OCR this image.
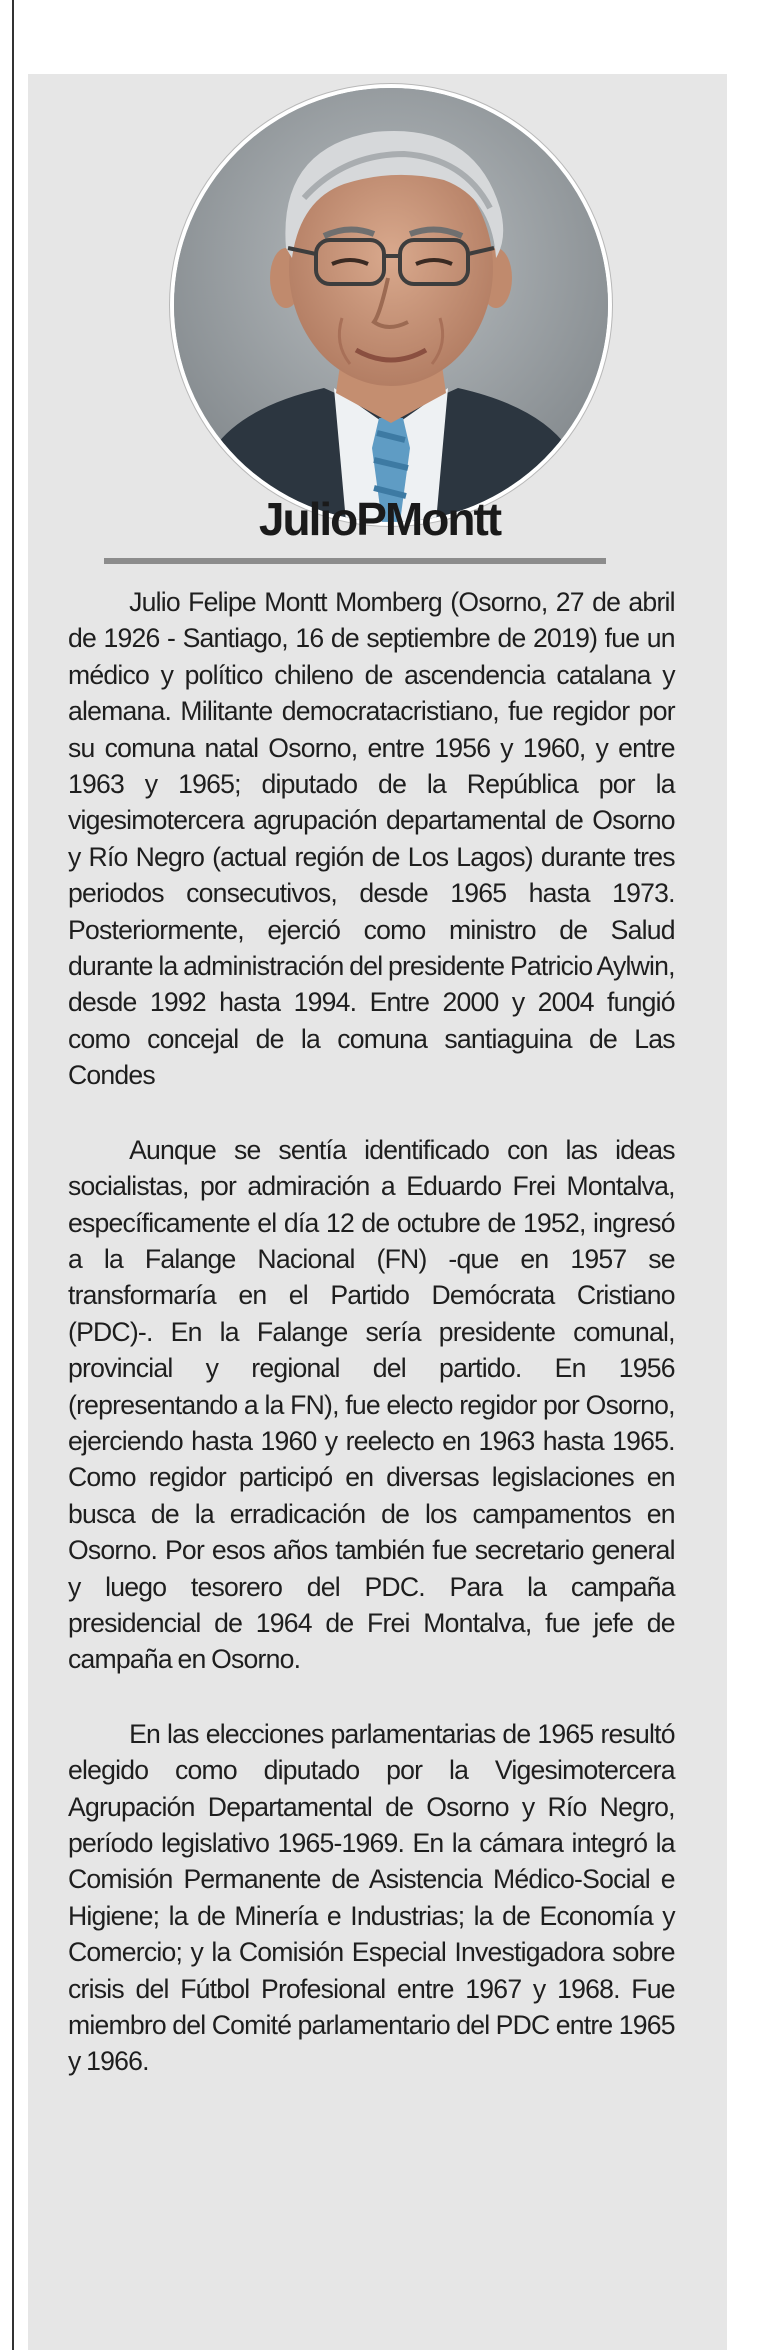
JulioPMontt

Julio Felipe Montt Momberg (Osorno, 27 de abril de 1926 - Santiago, 16 de septiembre de 2019) fue un médico y político chileno de ascendencia catalana y alemana. Militante democratacristiano, fue regidor por su comuna natal Osorno, entre 1956 y 1960, y entre 1963 y 1965; diputado de la República por la vigesimotercera agrupación departamental de Osorno y Río Negro (actual región de Los Lagos) durante tres periodos consecutivos, desde 1965 hasta 1973. Posteriormente, ejerció como ministro de Salud durante la administración del presidente Patricio Aylwin, desde 1992 hasta 1994. Entre 2000 y 2004 fungió como concejal de la comuna santiaguina de Las Condes

Aunque se sentía identificado con las ideas socialistas, por admiración a Eduardo Frei Montalva, específicamente el día 12 de octubre de 1952, ingresó a la Falange Nacional (FN) -que en 1957 se transformaría en el Partido Demócrata Cristiano (PDC)-. En la Falange sería presidente comunal, provincial y regional del partido. En 1956 (representando a la FN), fue electo regidor por Osorno, ejerciendo hasta 1960 y reelecto en 1963 hasta 1965. Como regidor participó en diversas legislaciones en busca de la erradicación de los campamentos en Osorno. Por esos años también fue secretario general y luego tesorero del PDC. Para la campaña presidencial de 1964 de Frei Montalva, fue jefe de campaña en Osorno.

En las elecciones parlamentarias de 1965 resultó elegido como diputado por la Vigesimotercera Agrupación Departamental de Osorno y Río Negro, período legislativo 1965-1969. En la cámara integró la Comisión Permanente de Asistencia Médico-Social e Higiene; la de Minería e Industrias; la de Economía y Comercio; y la Comisión Especial Investigadora sobre crisis del Fútbol Profesional entre 1967 y 1968. Fue miembro del Comité parlamentario del PDC entre 1965 y 1966.
